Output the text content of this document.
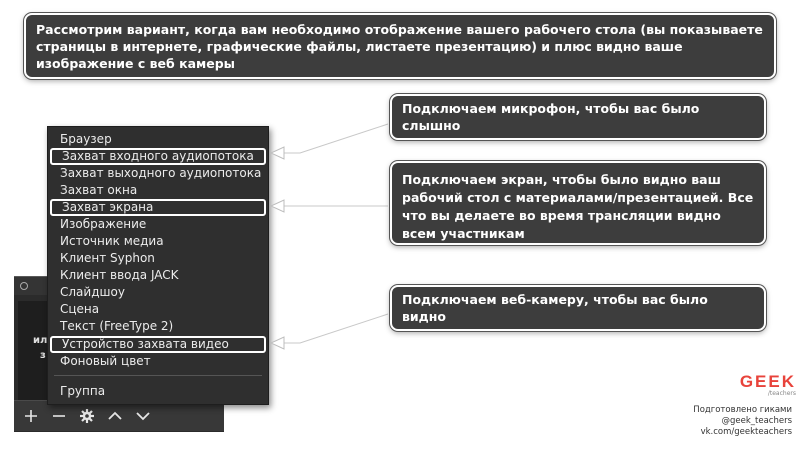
ил
з
Браузер
Захват входного аудиопотока
Захват выходного аудиопотока
Захват окна
Захват экрана
Изображение
Источник медиа
Клиент Syphon
Клиент ввода JACK
Слайдшоу
Сцена
Текст (FreeType 2)
Устройство захвата видео
Фоновый цвет
Группа
Рассмотрим вариант, когда вам необходимо отображение вашего рабочего стола (вы показываете страницы в интернете, графические файлы, листаете презентацию) и плюс видно ваше изображение с веб камеры
Подключаем микрофон, чтобы вас было слышно
Подключаем экран, чтобы было видно ваш рабочий стол с материалами/презентацией. Все что вы делаете во время трансляции видно всем участникам
Подключаем веб-камеру, чтобы вас было видно
GEEK
/teachers
Подготовлено гиками
@geek_teachers
vk.com/geekteachers
